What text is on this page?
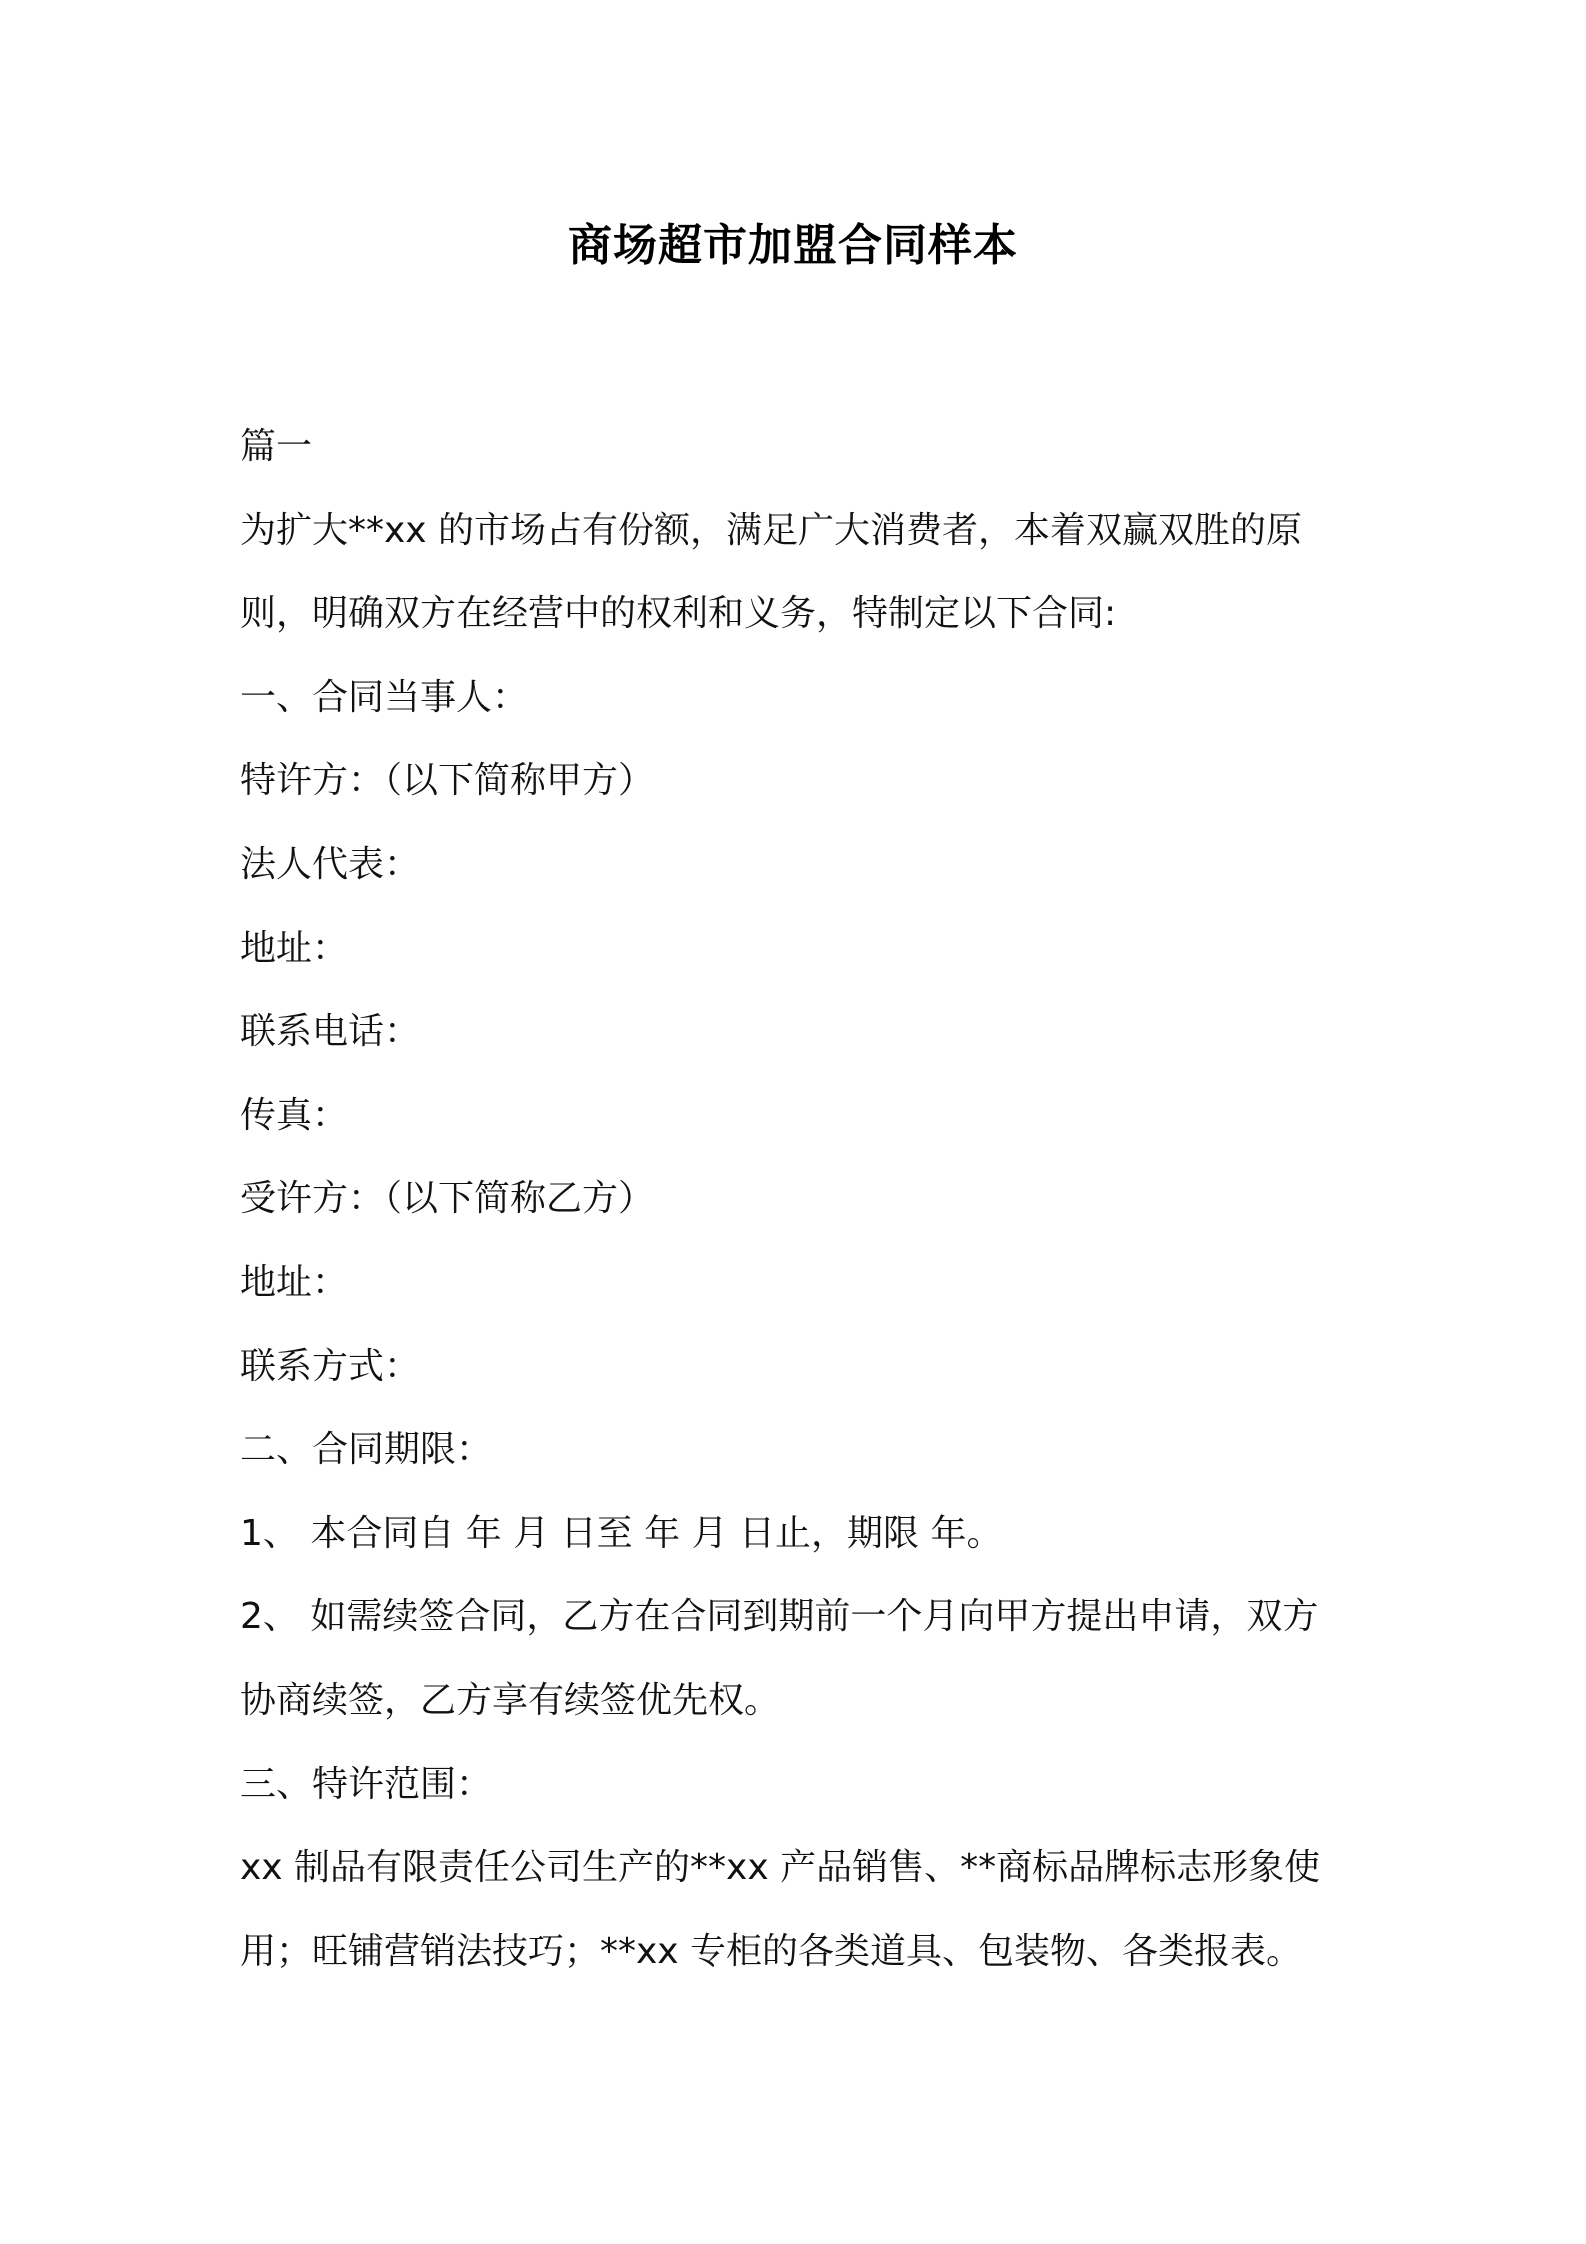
商场超市加盟合同样本
篇一
为扩大**xx 的市场占有份额，满足广大消费者，本着双赢双胜的原
则，明确双方在经营中的权利和义务，特制定以下合同:
一、合同当事人：
特许方：（以下简称甲方）
法人代表：
地址：
联系电话：
传真：
受许方：（以下简称乙方）
地址：
联系方式：
二、合同期限：
1、 本合同自 年 月 日至 年 月 日止，期限 年。
2、 如需续签合同，乙方在合同到期前一个月向甲方提出申请，双方
协商续签，乙方享有续签优先权。
三、特许范围：
xx 制品有限责任公司生产的**xx 产品销售、**商标品牌标志形象使
用；旺铺营销法技巧；**xx 专柜的各类道具、包装物、各类报表。
